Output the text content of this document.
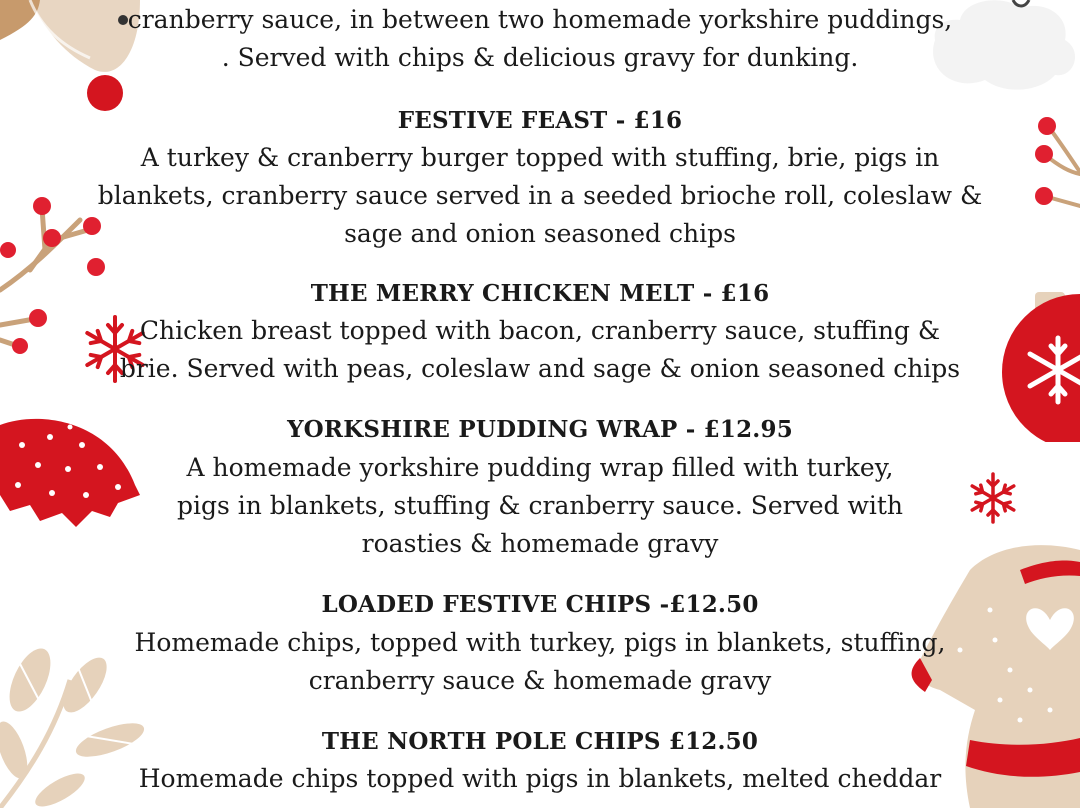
cranberry sauce, in between two homemade yorkshire puddings,
. Served with chips & delicious gravy for dunking.
FESTIVE FEAST - £16
A turkey & cranberry burger topped with stuffing, brie, pigs in
blankets, cranberry sauce served in a seeded brioche roll, coleslaw &
sage and onion seasoned chips
THE MERRY CHICKEN MELT - £16
Chicken breast topped with bacon, cranberry sauce, stuffing &
brie. Served with peas, coleslaw and sage & onion seasoned chips
YORKSHIRE PUDDING WRAP - £12.95
A homemade yorkshire pudding wrap filled with turkey,
pigs in blankets, stuffing & cranberry sauce. Served with
roasties & homemade gravy
LOADED FESTIVE CHIPS -£12.50
Homemade chips, topped with turkey, pigs in blankets, stuffing,
cranberry sauce & homemade gravy
THE NORTH POLE CHIPS £12.50
Homemade chips topped with pigs in blankets, melted cheddar
